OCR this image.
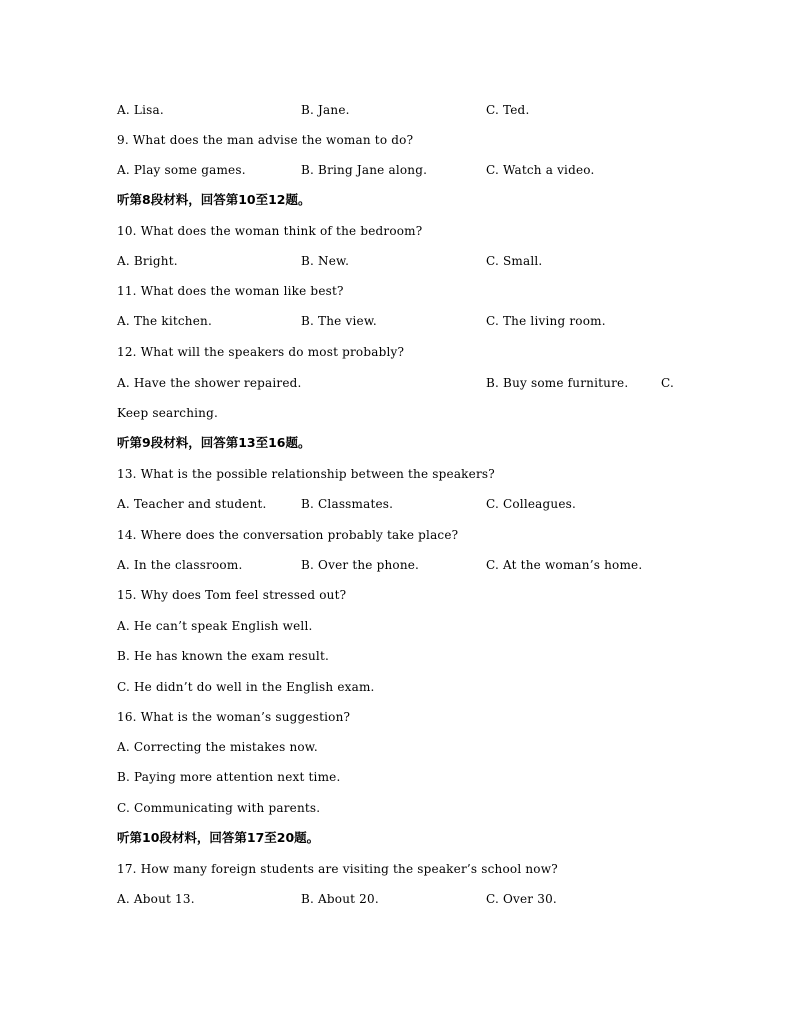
A. Lisa.	B. Jane.	C. Ted.
9. What does the man advise the woman to do?
A. Play some games.	B. Bring Jane along.	C. Watch a video.
听第8段材料，回答第10至12题。
10. What does the woman think of the bedroom?
A. Bright.	B. New.	C. Small.
11. What does the woman like best?
A. The kitchen.	B. The view.	C. The living room.
12. What will the speakers do most probably?
A. Have the shower repaired.	B. Buy some furniture.	C.
Keep searching.
听第9段材料，回答第13至16题。
13. What is the possible relationship between the speakers?
A. Teacher and student.	B. Classmates.	C. Colleagues.
14. Where does the conversation probably take place?
A. In the classroom.	B. Over the phone.	C. At the woman’s home.
15. Why does Tom feel stressed out?
A. He can’t speak English well.
B. He has known the exam result.
C. He didn’t do well in the English exam.
16. What is the woman’s suggestion?
A. Correcting the mistakes now.
B. Paying more attention next time.
C. Communicating with parents.
听第10段材料，回答第17至20题。
17. How many foreign students are visiting the speaker’s school now?
A. About 13.	B. About 20.	C. Over 30.
